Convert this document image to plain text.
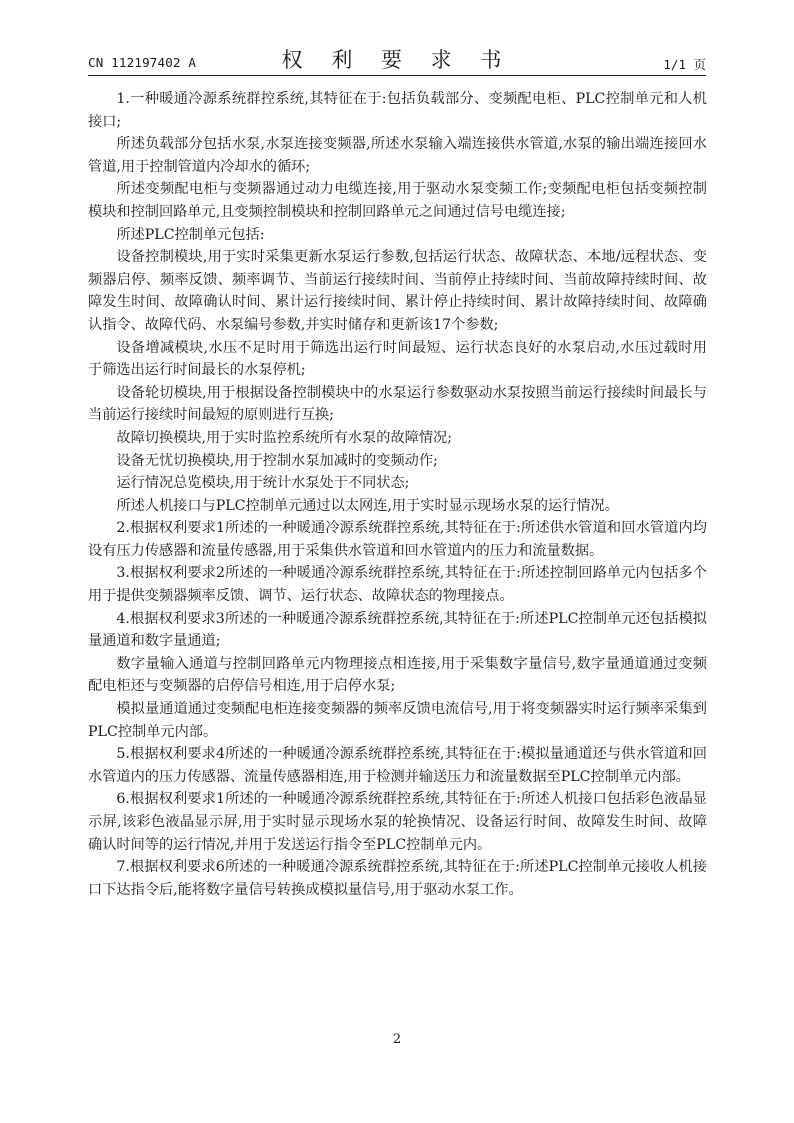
CN 112197402 A	权 利 要 求 书	1/1 页

1.一种暖通冷源系统群控系统,其特征在于:包括负载部分、变频配电柜、PLC控制单元和人机接口;

所述负载部分包括水泵,水泵连接变频器,所述水泵输入端连接供水管道,水泵的输出端连接回水管道,用于控制管道内冷却水的循环;

所述变频配电柜与变频器通过动力电缆连接,用于驱动水泵变频工作;变频配电柜包括变频控制模块和控制回路单元,且变频控制模块和控制回路单元之间通过信号电缆连接;

所述PLC控制单元包括:

设备控制模块,用于实时采集更新水泵运行参数,包括运行状态、故障状态、本地/远程状态、变频器启停、频率反馈、频率调节、当前运行接续时间、当前停止持续时间、当前故障持续时间、故障发生时间、故障确认时间、累计运行接续时间、累计停止持续时间、累计故障持续时间、故障确认指令、故障代码、水泵编号参数,并实时储存和更新该17个参数;

设备增减模块,水压不足时用于筛选出运行时间最短、运行状态良好的水泵启动,水压过载时用于筛选出运行时间最长的水泵停机;

设备轮切模块,用于根据设备控制模块中的水泵运行参数驱动水泵按照当前运行接续时间最长与当前运行接续时间最短的原则进行互换;

故障切换模块,用于实时监控系统所有水泵的故障情况;

设备无忧切换模块,用于控制水泵加减时的变频动作;

运行情况总览模块,用于统计水泵处于不同状态;

所述人机接口与PLC控制单元通过以太网连,用于实时显示现场水泵的运行情况。

2.根据权利要求1所述的一种暖通冷源系统群控系统,其特征在于:所述供水管道和回水管道内均设有压力传感器和流量传感器,用于采集供水管道和回水管道内的压力和流量数据。

3.根据权利要求2所述的一种暖通冷源系统群控系统,其特征在于:所述控制回路单元内包括多个用于提供变频器频率反馈、调节、运行状态、故障状态的物理接点。

4.根据权利要求3所述的一种暖通冷源系统群控系统,其特征在于:所述PLC控制单元还包括模拟量通道和数字量通道;

数字量输入通道与控制回路单元内物理接点相连接,用于采集数字量信号,数字量通道通过变频配电柜还与变频器的启停信号相连,用于启停水泵;

模拟量通道通过变频配电柜连接变频器的频率反馈电流信号,用于将变频器实时运行频率采集到PLC控制单元内部。

5.根据权利要求4所述的一种暖通冷源系统群控系统,其特征在于:模拟量通道还与供水管道和回水管道内的压力传感器、流量传感器相连,用于检测并输送压力和流量数据至PLC控制单元内部。

6.根据权利要求1所述的一种暖通冷源系统群控系统,其特征在于:所述人机接口包括彩色液晶显示屏,该彩色液晶显示屏,用于实时显示现场水泵的轮换情况、设备运行时间、故障发生时间、故障确认时间等的运行情况,并用于发送运行指令至PLC控制单元内。

7.根据权利要求6所述的一种暖通冷源系统群控系统,其特征在于:所述PLC控制单元接收人机接口下达指令后,能将数字量信号转换成模拟量信号,用于驱动水泵工作。

2
